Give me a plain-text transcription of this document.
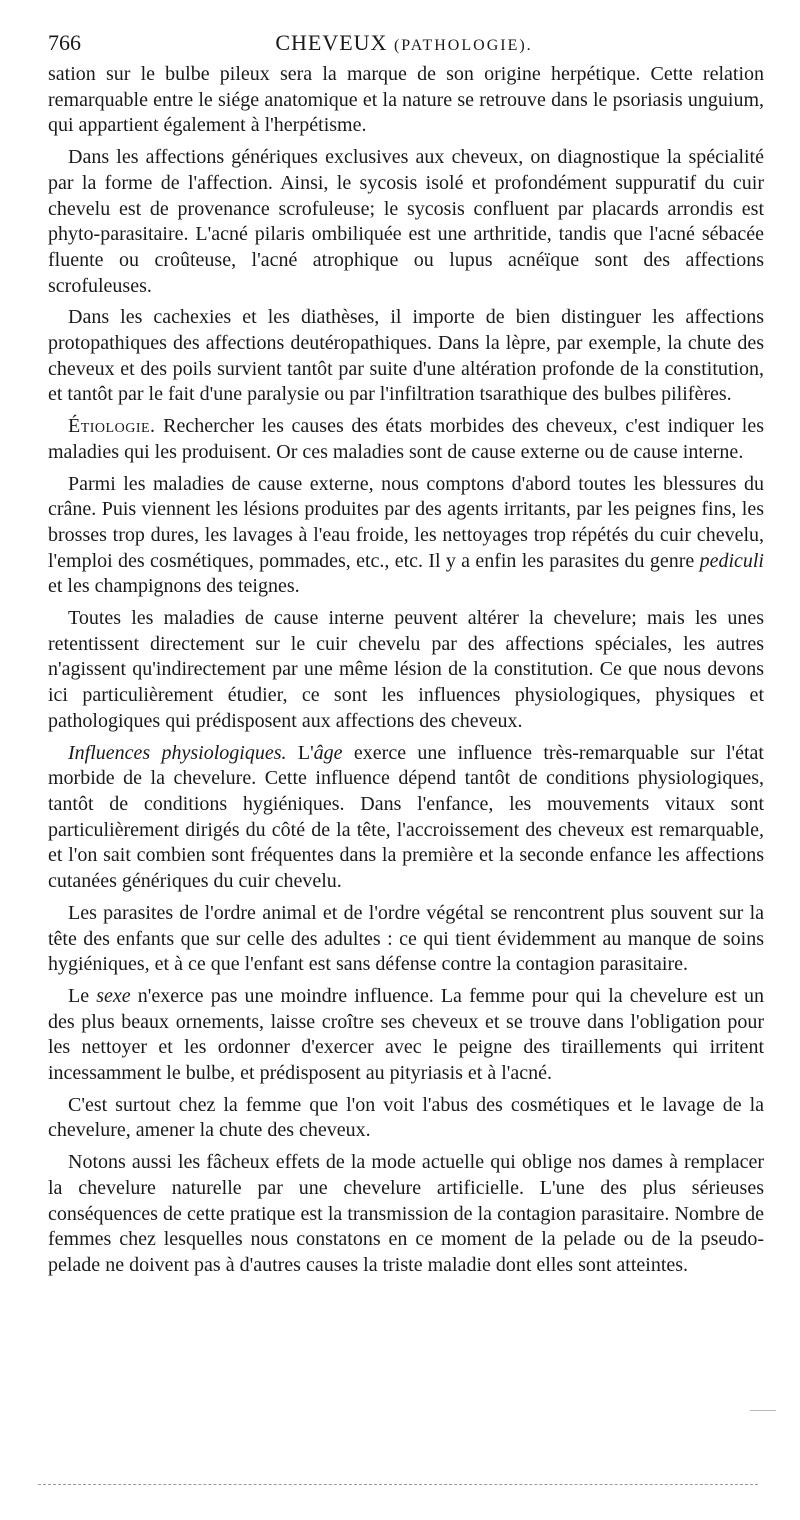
766	CHEVEUX (PATHOLOGIE).

sation sur le bulbe pileux sera la marque de son origine herpétique. Cette relation remarquable entre le siége anatomique et la nature se retrouve dans le psoriasis unguium, qui appartient également à l'herpétisme.

Dans les affections génériques exclusives aux cheveux, on diagnostique la spécialité par la forme de l'affection. Ainsi, le sycosis isolé et profondément suppuratif du cuir chevelu est de provenance scrofuleuse; le sycosis confluent par placards arrondis est phyto-parasitaire. L'acné pilaris ombiliquée est une arthritide, tandis que l'acné sébacée fluente ou croûteuse, l'acné atrophique ou lupus acnéïque sont des affections scrofuleuses.

Dans les cachexies et les diathèses, il importe de bien distinguer les affections protopathiques des affections deutéropathiques. Dans la lèpre, par exemple, la chute des cheveux et des poils survient tantôt par suite d'une altération profonde de la constitution, et tantôt par le fait d'une paralysie ou par l'infiltration tsarathique des bulbes pilifères.

Étiologie. Rechercher les causes des états morbides des cheveux, c'est indiquer les maladies qui les produisent. Or ces maladies sont de cause externe ou de cause interne.

Parmi les maladies de cause externe, nous comptons d'abord toutes les blessures du crâne. Puis viennent les lésions produites par des agents irritants, par les peignes fins, les brosses trop dures, les lavages à l'eau froide, les nettoyages trop répétés du cuir chevelu, l'emploi des cosmétiques, pommades, etc., etc. Il y a enfin les parasites du genre pediculi et les champignons des teignes.

Toutes les maladies de cause interne peuvent altérer la chevelure; mais les unes retentissent directement sur le cuir chevelu par des affections spéciales, les autres n'agissent qu'indirectement par une même lésion de la constitution. Ce que nous devons ici particulièrement étudier, ce sont les influences physiologiques, physiques et pathologiques qui prédisposent aux affections des cheveux.

Influences physiologiques. L'âge exerce une influence très-remarquable sur l'état morbide de la chevelure. Cette influence dépend tantôt de conditions physiologiques, tantôt de conditions hygiéniques. Dans l'enfance, les mouvements vitaux sont particulièrement dirigés du côté de la tête, l'accroissement des cheveux est remarquable, et l'on sait combien sont fréquentes dans la première et la seconde enfance les affections cutanées génériques du cuir chevelu.

Les parasites de l'ordre animal et de l'ordre végétal se rencontrent plus souvent sur la tête des enfants que sur celle des adultes : ce qui tient évidemment au manque de soins hygiéniques, et à ce que l'enfant est sans défense contre la contagion parasitaire.

Le sexe n'exerce pas une moindre influence. La femme pour qui la chevelure est un des plus beaux ornements, laisse croître ses cheveux et se trouve dans l'obligation pour les nettoyer et les ordonner d'exercer avec le peigne des tiraillements qui irritent incessamment le bulbe, et prédisposent au pityriasis et à l'acné.

C'est surtout chez la femme que l'on voit l'abus des cosmétiques et le lavage de la chevelure, amener la chute des cheveux.

Notons aussi les fâcheux effets de la mode actuelle qui oblige nos dames à remplacer la chevelure naturelle par une chevelure artificielle. L'une des plus sérieuses conséquences de cette pratique est la transmission de la contagion parasitaire. Nombre de femmes chez lesquelles nous constatons en ce moment de la pelade ou de la pseudo-pelade ne doivent pas à d'autres causes la triste maladie dont elles sont atteintes.
